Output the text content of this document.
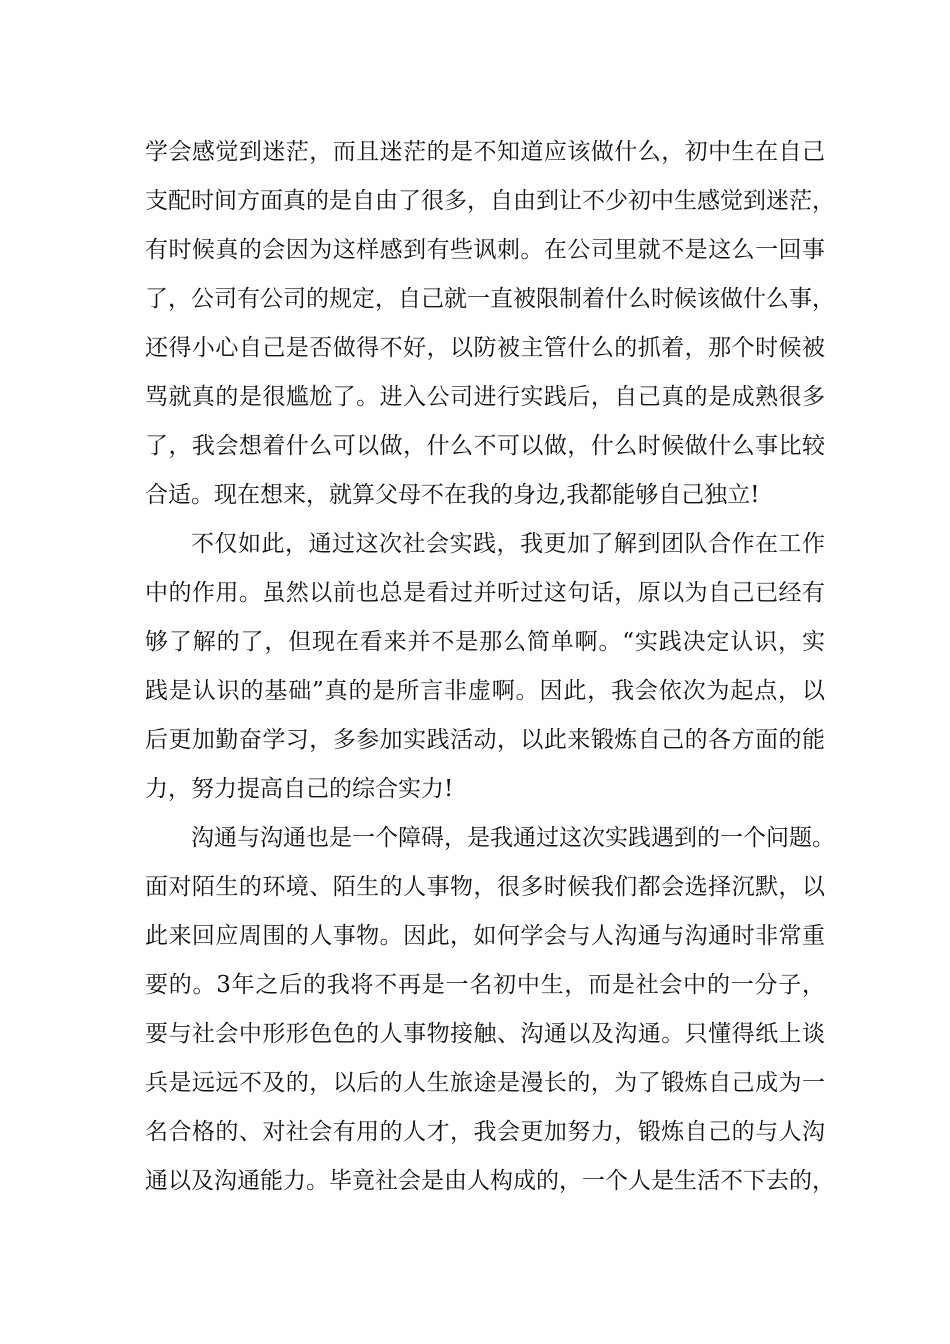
学会感觉到迷茫，而且迷茫的是不知道应该做什么，初中生在自己
支配时间方面真的是自由了很多，自由到让不少初中生感觉到迷茫，
有时候真的会因为这样感到有些讽刺。在公司里就不是这么一回事
了，公司有公司的规定，自己就一直被限制着什么时候该做什么事，
还得小心自己是否做得不好，以防被主管什么的抓着，那个时候被
骂就真的是很尴尬了。进入公司进行实践后，自己真的是成熟很多
了，我会想着什么可以做，什么不可以做，什么时候做什么事比较
合适。现在想来，就算父母不在我的身边,我都能够自己独立!
不仅如此，通过这次社会实践，我更加了解到团队合作在工作
中的作用。虽然以前也总是看过并听过这句话，原以为自己已经有
够了解的了，但现在看来并不是那么简单啊。“实践决定认识，实
践是认识的基础”真的是所言非虚啊。因此，我会依次为起点，以
后更加勤奋学习，多参加实践活动，以此来锻炼自己的各方面的能
力，努力提高自己的综合实力!
沟通与沟通也是一个障碍，是我通过这次实践遇到的一个问题。
面对陌生的环境、陌生的人事物，很多时候我们都会选择沉默，以
此来回应周围的人事物。因此，如何学会与人沟通与沟通时非常重
要的。3年之后的我将不再是一名初中生，而是社会中的一分子，
要与社会中形形色色的人事物接触、沟通以及沟通。只懂得纸上谈
兵是远远不及的，以后的人生旅途是漫长的，为了锻炼自己成为一
名合格的、对社会有用的人才，我会更加努力，锻炼自己的与人沟
通以及沟通能力。毕竟社会是由人构成的，一个人是生活不下去的，
